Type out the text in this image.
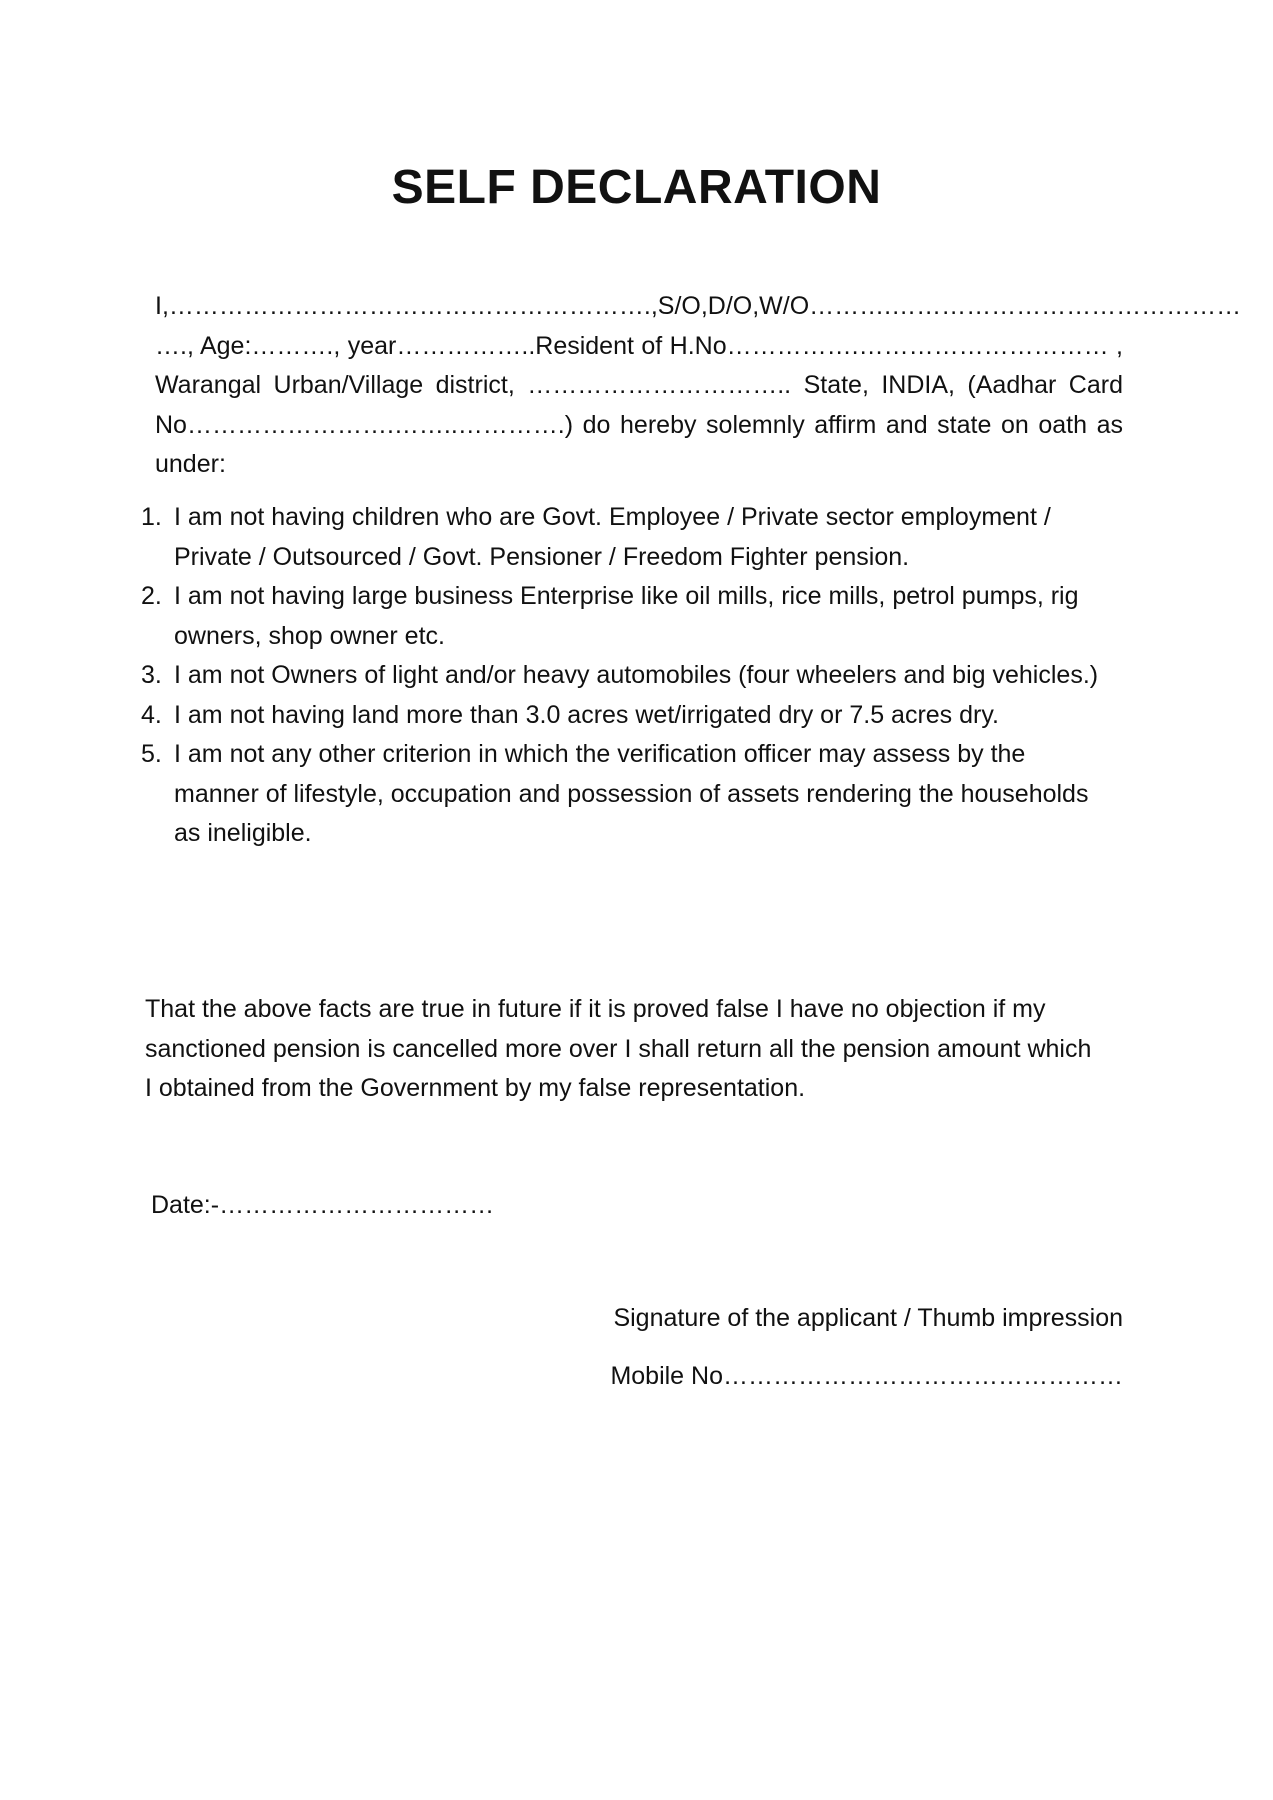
SELF DECLARATION
I,………………………………………………….,S/O,D/O,W/O……….……………………………………
…., Age:………., year……………..Resident of H.No…………….………………………… ,
Warangal Urban/Village district, ………………………….. State, INDIA, (Aadhar Card
No…………………….……..………….) do hereby solemnly affirm and state on oath as
under:
1. I am not having children who are Govt. Employee / Private sector employment / Private / Outsourced / Govt. Pensioner / Freedom Fighter pension.
2. I am not having large business Enterprise like oil mills, rice mills, petrol pumps, rig owners, shop owner etc.
3. I am not Owners of light and/or heavy automobiles (four wheelers and big vehicles.)
4. I am not having land more than 3.0 acres wet/irrigated dry or 7.5 acres dry.
5. I am not any other criterion in which the verification officer may assess by the manner of lifestyle, occupation and possession of assets rendering the households as ineligible.

That the above facts are true in future if it is proved false I have no objection if my sanctioned pension is cancelled more over I shall return all the pension amount which I obtained from the Government by my false representation.

Date:-……………………………

Signature of the applicant / Thumb impression

Mobile No…………………………………………
